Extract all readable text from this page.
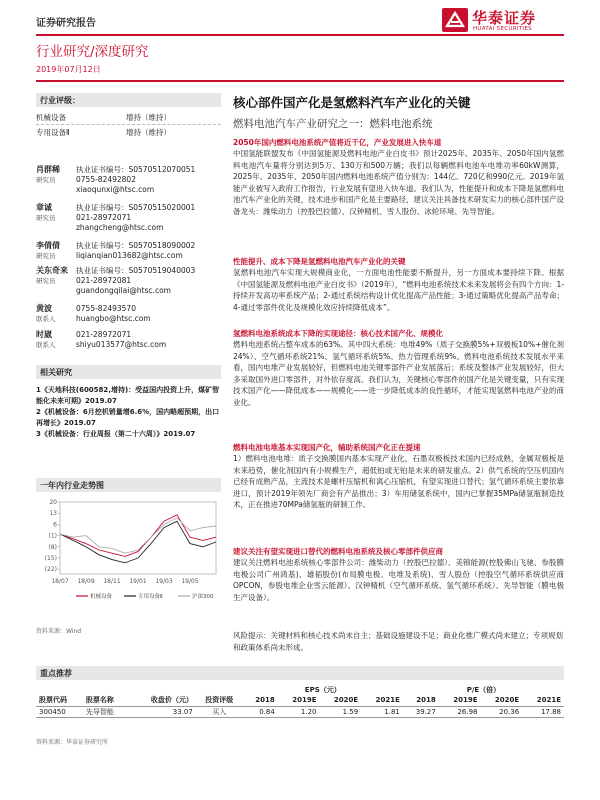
证券研究报告	华泰证券
HUATAI SECURITIES
行业研究/深度研究
2019年07月12日
行业评级：
机械设备	增持（维持）
专用设备Ⅱ	增持（维持）
肖群稀
研究员
执业证书编号：S0570512070051
0755-82492802
xiaoqunxi@htsc.com
章诚
研究员
执业证书编号：S0570515020001
021-28972071
zhangcheng@htsc.com
李倩倩
研究员
执业证书编号：S0570518090002
liqianqian013682@htsc.com
关东奇来
研究员
执业证书编号：S0570519040003
021-28972081
guandongqilai@htsc.com
黄波
联系人
0755-82493570
huangbo@htsc.com
时崴
联系人
021-28972071
shiyu013577@htsc.com
相关研究
1《天地科技(600582,增持)：受益国内投资上升，煤矿智能化未来可期》2019.07
2《机械设备：6月挖机销量增6.6%，国内略超预期，出口再增长》2019.07
3《机械设备：行业周报（第二十六周）》2019.07
一年内行业走势图
20
13
6
(1)
(8)
(15)
(22)
18/07 18/09 18/11 19/01 19/03 19/05
机械设备	专用设备Ⅱ	沪深300
资料来源：Wind
核心部件国产化是氢燃料汽车产业化的关键
燃料电池汽车产业研究之一：燃料电池系统
2050年国内燃料电池系统产值将近千亿，产业发展进入快车道
中国氢能联盟发布《中国氢能源及燃料电池产业白皮书》预计2025年、2035年、2050年国内氢燃料电池汽车量将分别达到5万、130万和500万辆；我们以每辆燃料电池车电堆功率60kW测算，2025年、2035年、2050年国内燃料电池系统产值分别为：144亿、720亿和990亿元。2019年氢能产业被写入政府工作报告，行业发展有望进入快车道。我们认为，性能提升和成本下降是氢燃料电池汽车产业化的关键，技术进步和国产化是主要路径，建议关注具备技术研发实力的核心部件国产设备龙头：潍柴动力（控股巴拉德）、汉钟精机、雪人股份、冰轮环境、先导智能。
性能提升、成本下降是氢燃料电池汽车产业化的关键
氢燃料电池汽车实现大规模商业化，一方面电池性能要不断提升，另一方面成本要持续下降。根据《中国氢能源及燃料电池产业白皮书》（2019年），“燃料电池系统技术未来发展将会有四个方向：1-持续开发高功率系统产品；2-通过系统结构设计优化提高产品性能；3-通过策略优化提高产品寿命；4-通过零部件优化及规模化效应持续降低成本”。
氢燃料电池系统成本下降的实现途径：核心技术国产化、规模化
燃料电池系统占整车成本的63%。其中四大系统：电堆49%（质子交换膜5%+双极板10%+催化剂24%）、空气循环系统21%、氢气循环系统5%、热力管理系统9%。燃料电池系统技术发展水平来看，国内电堆产业发展较好，但燃料电池关键零部件产业发展落后；系统及整体产业发展较好，但大多采取国外进口零部件，对外依存度高。我们认为，关键核心零部件的国产化是关键变量，只有实现技术国产化——降低成本——规模化——进一步降低成本的良性循环，才能实现氢燃料电池产业的商业化。
燃料电池电堆基本实现国产化，辅助系统国产化正在提速
1）燃料电池电堆：质子交换膜国内基本实现产业化，石墨双极板技术国内已经成熟，金属双极板是未来趋势，催化剂国内有小规模生产，超低铂或无铂是未来的研发重点。2）供气系统的空压机国内已经有成熟产品，主流技术是螺杆压缩机和离心压缩机，有望实现进口替代；氢气循环系统主要依靠进口，预计2019年领先厂商会有产品推出；3）车用储氢系统中，国内已掌握35MPa储氢瓶制造技术，正在推进70MPa储氢瓶的研制工作。
建议关注有望实现进口替代的燃料电池系统及核心零部件供应商
建议关注燃料电池系统核心零部件公司：潍柴动力（控股巴拉德）、美锦能源(控股佛山飞驰、参股膜电极公司广州鸿基)、雄韬股份(布局膜电极、电堆及系统)、雪人股份（控股空气循环系统供应商OPCON，参股电堆企业雪云能源）、汉钟精机（空气循环系统、氢气循环系统）、先导智能（膜电极生产设备）。
风险提示：关键材料和核心技术尚未自主；基础设施建设不足；商业化推广模式尚未建立；专项规划和政策体系尚未形成。
重点推荐
				EPS（元）				P/E（倍）			
股票代码	股票名称	收盘价（元）	投资评级	2018	2019E	2020E	2021E	2018	2019E	2020E	2021E
300450	先导智能	33.07	买入	0.84	1.20	1.59	1.81	39.27	26.98	20.36	17.88
资料来源：华泰证券研究所
